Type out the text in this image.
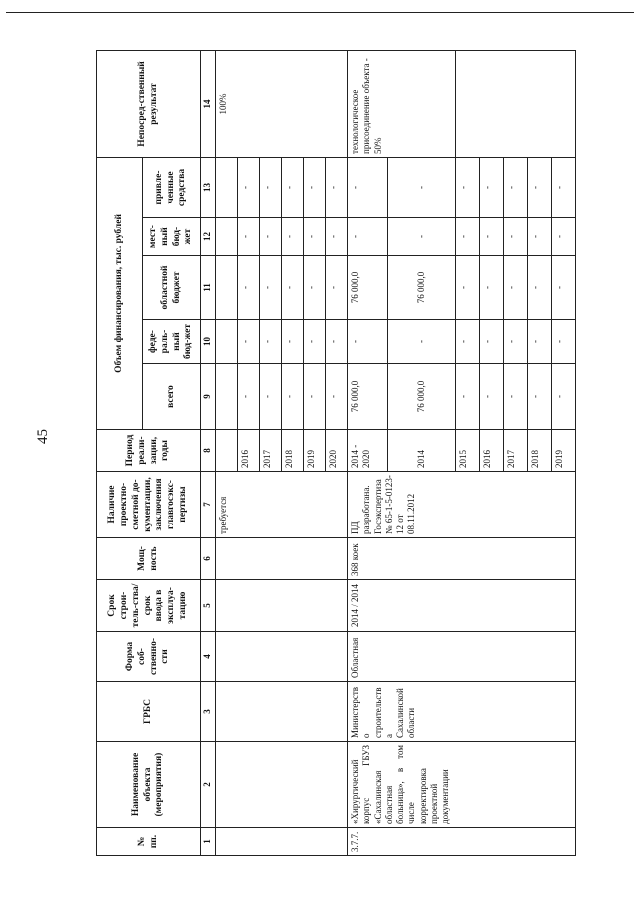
45
№ пп.	Наименование объекта (мероприятия)	ГРБС	Форма соб-ственно-сти	Срок строи-тель-ства/срок ввода в эксплуа-тацию	Мощ-ность	Наличие проектно-сметной до-кументации, заключения главгосэкс-пертизы	Период реали-зации, годы	Объем финансирования, тыс. рублей					Непосред-ственный результат
								всего	феде-раль-ный бюд-жет	областной бюджет	мест-ный бюд-жет	привле-ченные средства	
1	2	3	4	5	6	7	8	9	10	11	12	13	14
						требуется							100%
							2016	-	-	-	-	-	
							2017	-	-	-	-	-	
							2018	-	-	-	-	-	
							2019	-	-	-	-	-	
							2020	-	-	-	-	-	
3.7.7.	«Хирургический корпус ГБУЗ «Сахалинская областная больница», в том числе корректировка проектной документации	Министерство строительства Сахалинской области	Областная	2014 / 2014	368 коек	ПД разработана. Госэкспертиза № 65-1-5-0123-12 от 08.11.2012	2014 - 2020	76 000,0	-	76 000,0	-	-	технологическое присоединение объекта - 50%
							2014	76 000,0	-	76 000,0	-	-	
							2015	-	-	-	-	-	
							2016	-	-	-	-	-	
							2017	-	-	-	-	-	
							2018	-	-	-	-	-	
							2019	-	-	-	-	-	
